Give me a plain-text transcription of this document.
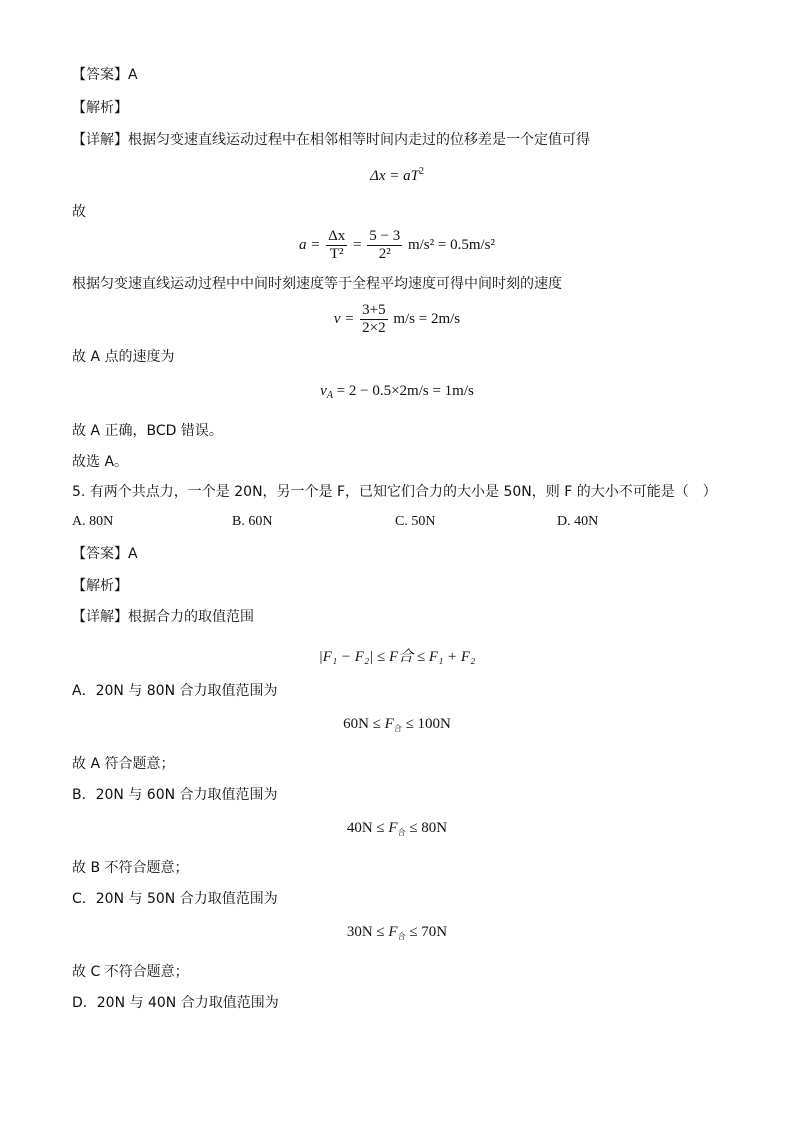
【答案】A
【解析】
【详解】根据匀变速直线运动过程中在相邻相等时间内走过的位移差是一个定值可得
$\Delta x = aT^2$
故
$a = \frac{\Delta x}{\text{T²}} = \frac{5 - 3}{\text{2²}} m/s^2 = 0.5m/s^2$
根据匀变速直线运动过程中中间时刻速度等于全程平均速度可得中间时刻的速度
$v = \frac{3+5}{2\times 2} m/s = 2m/s$
故 A 点的速度为
$v_A = 2 - 0.5\times 2m/s = 1m/s$
故 A 正确，BCD 错误。
故选 A。
5. 有两个共点力，一个是 20N，另一个是 F，已知它们合力的大小是 50N，则 F 的大小不可能是（　）
A. 80N	B. 60N	C. 50N	D. 40N
【答案】A
【解析】
【详解】根据合力的取值范围
|F₁ − F₂| ≤ F合 ≤ F₁ + F₂
A．20N 与 80N 合力取值范围为
$60N \le F_合 \le 100N$
故 A 符合题意；
B．20N 与 60N 合力取值范围为
$40N \le F_合 \le 80N$
故 B 不符合题意；
C．20N 与 50N 合力取值范围为
$30N \le F_合 \le 70N$
故 C 不符合题意；
D．20N 与 40N 合力取值范围为
